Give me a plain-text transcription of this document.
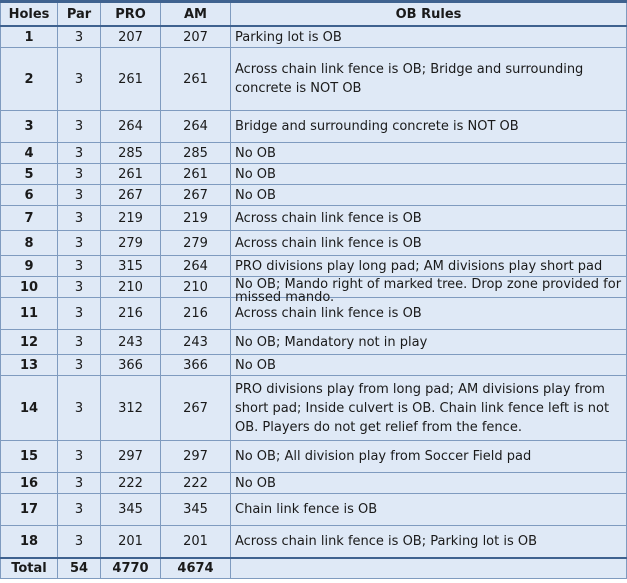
Holes	Par	PRO	AM	OB Rules
1	3	207	207	Parking lot is OB
2	3	261	261	Across chain link fence is OB; Bridge and surrounding concrete is NOT OB
3	3	264	264	Bridge and surrounding concrete is NOT OB
4	3	285	285	No OB
5	3	261	261	No OB
6	3	267	267	No OB
7	3	219	219	Across chain link fence is OB
8	3	279	279	Across chain link fence is OB
9	3	315	264	PRO divisions play long pad; AM divisions play short pad
10	3	210	210	No OB; Mando right of marked tree. Drop zone provided for missed mando.

11	3	216	216	Across chain link fence is OB
12	3	243	243	No OB; Mandatory not in play
13	3	366	366	No OB
14	3	312	267	PRO divisions play from long pad; AM divisions play from short pad; Inside culvert is OB. Chain link fence left is not OB. Players do not get relief from the fence.
15	3	297	297	No OB; All division play from Soccer Field pad
16	3	222	222	No OB
17	3	345	345	Chain link fence is OB
18	3	201	201	Across chain link fence is OB; Parking lot is OB
Total	54	4770	4674	
